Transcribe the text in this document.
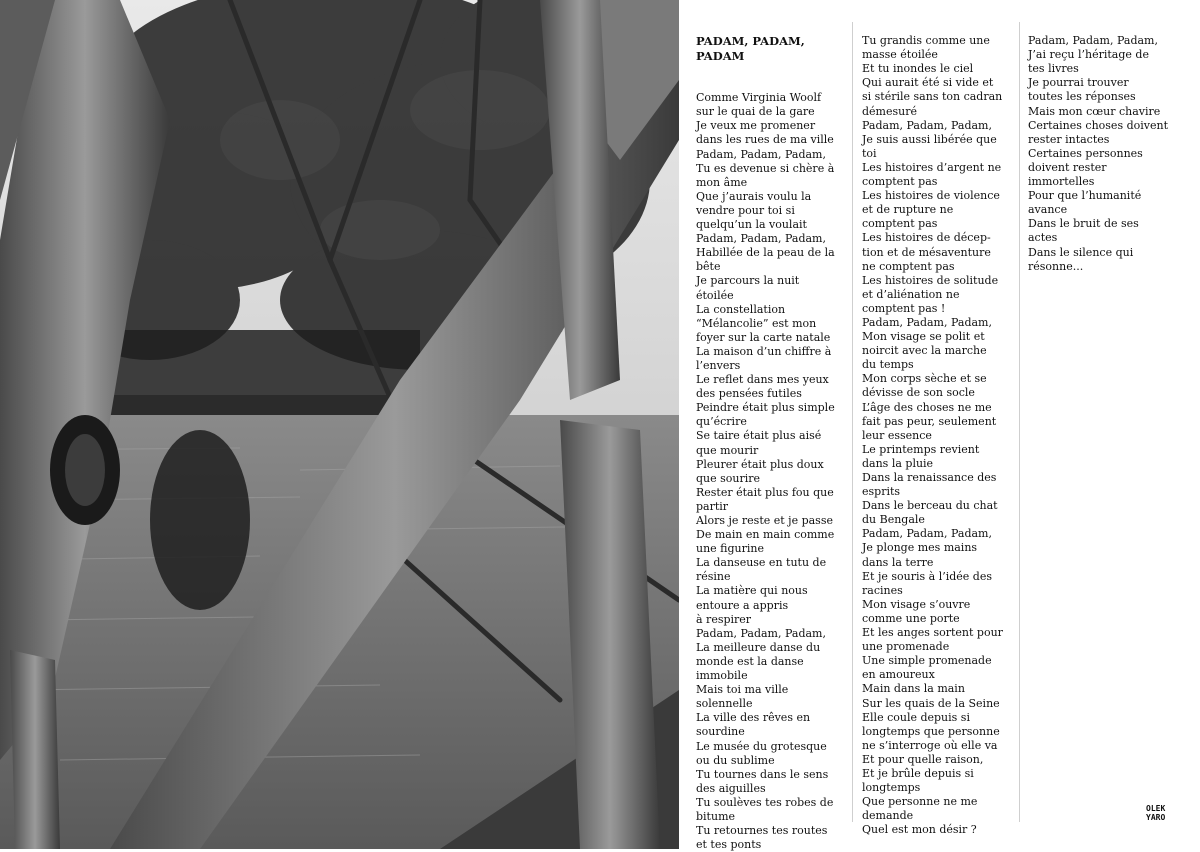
PADAM, PADAM,
PADAM

Comme Virginia Woolf
sur le quai de la gare
Je veux me promener
dans les rues de ma ville
Padam, Padam, Padam,
Tu es devenue si chère à
mon âme
Que j’aurais voulu la
vendre pour toi si
quelqu’un la voulait
Padam, Padam, Padam,
Habillée de la peau de la
bête
Je parcours la nuit
étoilée
La constellation
“Mélancolie” est mon
foyer sur la carte natale
La maison d’un chiffre à
l’envers
Le reflet dans mes yeux
des pensées futiles
Peindre était plus simple
qu’écrire
Se taire était plus aisé
que mourir
Pleurer était plus doux
que sourire
Rester était plus fou que
partir
Alors je reste et je passe
De main en main comme
une figurine
La danseuse en tutu de
résine
La matière qui nous
entoure a appris
à respirer
Padam, Padam, Padam,
La meilleure danse du
monde est la danse
immobile
Mais toi ma ville
solennelle
La ville des rêves en
sourdine
Le musée du grotesque
ou du sublime
Tu tournes dans le sens
des aiguilles
Tu soulèves tes robes de
bitume
Tu retournes tes routes
et tes ponts

Tu grandis comme une
masse étoilée
Et tu inondes le ciel
Qui aurait été si vide et
si stérile sans ton cadran
démesuré
Padam, Padam, Padam,
Je suis aussi libérée que
toi
Les histoires d’argent ne
comptent pas
Les histoires de violence
et de rupture ne
comptent pas
Les histoires de décep-
tion et de mésaventure
ne comptent pas
Les histoires de solitude
et d’aliénation ne
comptent pas !
Padam, Padam, Padam,
Mon visage se polit et
noircit avec la marche
du temps
Mon corps sèche et se
dévisse de son socle
L’âge des choses ne me
fait pas peur, seulement
leur essence
Le printemps revient
dans la pluie
Dans la renaissance des
esprits
Dans le berceau du chat
du Bengale
Padam, Padam, Padam,
Je plonge mes mains
dans la terre
Et je souris à l’idée des
racines
Mon visage s’ouvre
comme une porte
Et les anges sortent pour
une promenade
Une simple promenade
en amoureux
Main dans la main
Sur les quais de la Seine
Elle coule depuis si
longtemps que personne
ne s’interroge où elle va
Et pour quelle raison,
Et je brûle depuis si
longtemps
Que personne ne me
demande
Quel est mon désir ?

Padam, Padam, Padam,
J’ai reçu l’héritage de
tes livres
Je pourrai trouver
toutes les réponses
Mais mon cœur chavire
Certaines choses doivent
rester intactes
Certaines personnes
doivent rester
immortelles
Pour que l’humanité
avance
Dans le bruit de ses
actes
Dans le silence qui
résonne...

OLEK
YARO
